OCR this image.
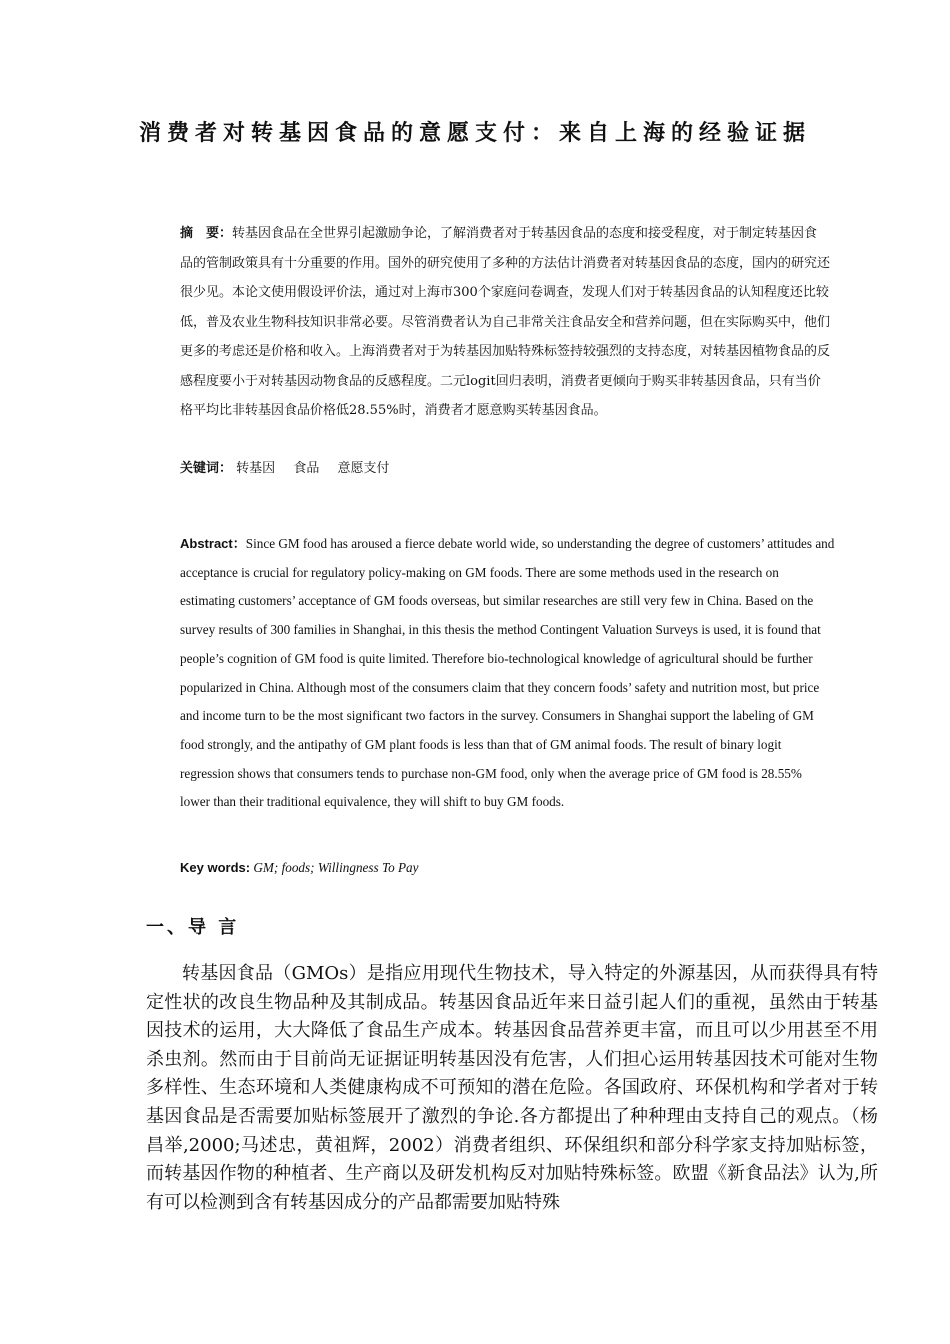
消费者对转基因食品的意愿支付：来自上海的经验证据
摘　要：转基因食品在全世界引起激励争论，了解消费者对于转基因食品的态度和接受程度，对于制定转基因食品的管制政策具有十分重要的作用。国外的研究使用了多种的方法估计消费者对转基因食品的态度，国内的研究还很少见。本论文使用假设评价法，通过对上海市300个家庭问卷调查，发现人们对于转基因食品的认知程度还比较低，普及农业生物科技知识非常必要。尽管消费者认为自己非常关注食品安全和营养问题，但在实际购买中，他们更多的考虑还是价格和收入。上海消费者对于为转基因加贴特殊标签持较强烈的支持态度，对转基因植物食品的反感程度要小于对转基因动物食品的反感程度。二元logit回归表明，消费者更倾向于购买非转基因食品，只有当价格平均比非转基因食品价格低28.55%时，消费者才愿意购买转基因食品。
关键词： 转基因 食品 意愿支付
Abstract：Since GM food has aroused a fierce debate world wide, so understanding the degree of customers’ attitudes and acceptance is crucial for regulatory policy-making on GM foods. There are some methods used in the research on estimating customers’ acceptance of GM foods overseas, but similar researches are still very few in China. Based on the survey results of 300 families in Shanghai, in this thesis the method Contingent Valuation Surveys is used, it is found that people’s cognition of GM food is quite limited. Therefore bio-technological knowledge of agricultural should be further popularized in China. Although most of the consumers claim that they concern foods’ safety and nutrition most, but price and income turn to be the most significant two factors in the survey. Consumers in Shanghai support the labeling of GM food strongly, and the antipathy of GM plant foods is less than that of GM animal foods. The result of binary logit regression shows that consumers tends to purchase non-GM food, only when the average price of GM food is 28.55% lower than their traditional equivalence, they will shift to buy GM foods.
Key words: GM; foods; Willingness To Pay
一、导 言
转基因食品（GMOs）是指应用现代生物技术，导入特定的外源基因，从而获得具有特定性状的改良生物品种及其制成品。转基因食品近年来日益引起人们的重视，虽然由于转基因技术的运用，大大降低了食品生产成本。转基因食品营养更丰富，而且可以少用甚至不用杀虫剂。然而由于目前尚无证据证明转基因没有危害，人们担心运用转基因技术可能对生物多样性、生态环境和人类健康构成不可预知的潜在危险。各国政府、环保机构和学者对于转基因食品是否需要加贴标签展开了激烈的争论.各方都提出了种种理由支持自己的观点。（杨昌举,2000;马述忠，黄祖辉，2002）消费者组织、环保组织和部分科学家支持加贴标签，而转基因作物的种植者、生产商以及研发机构反对加贴特殊标签。欧盟《新食品法》认为,所有可以检测到含有转基因成分的产品都需要加贴特殊
